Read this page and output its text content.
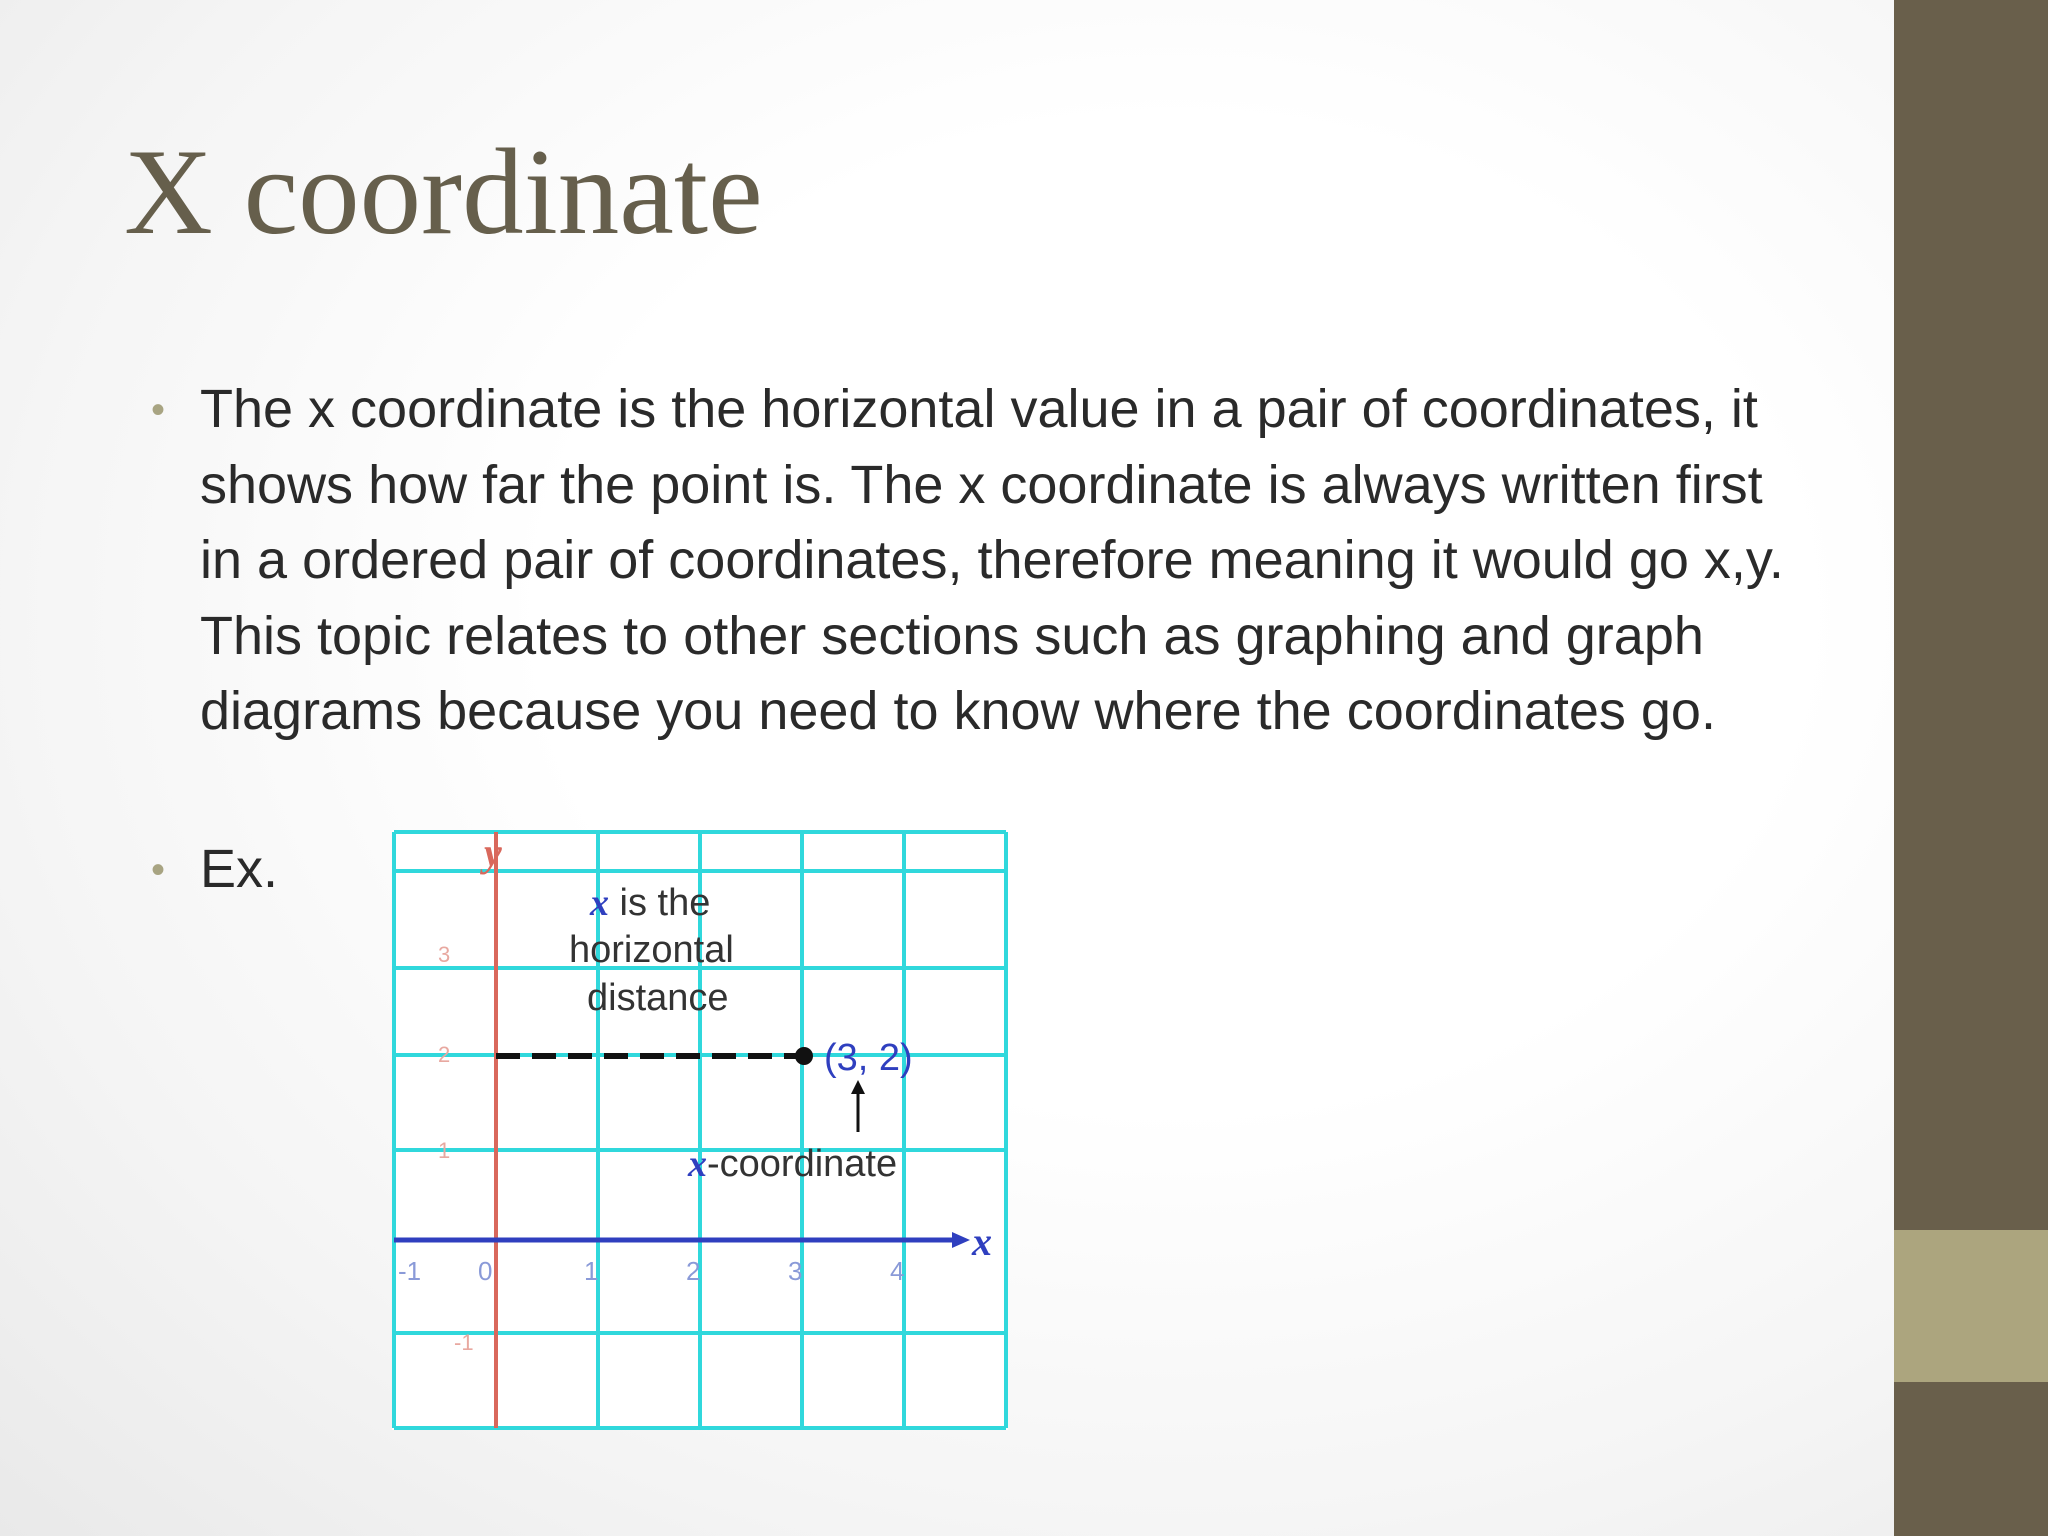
X coordinate
• The x coordinate is the horizontal value in a pair of coordinates, it shows how far the point is. The x coordinate is always written first in a ordered pair of coordinates, therefore meaning it would go x,y. This topic relates to other sections such as graphing and graph diagrams because you need to know where the coordinates go.
• Ex.
x
y
-1 0	1	2	3	4
3
2
1
-1
x is the
horizontal
distance
(3, 2)
x-coordinate
